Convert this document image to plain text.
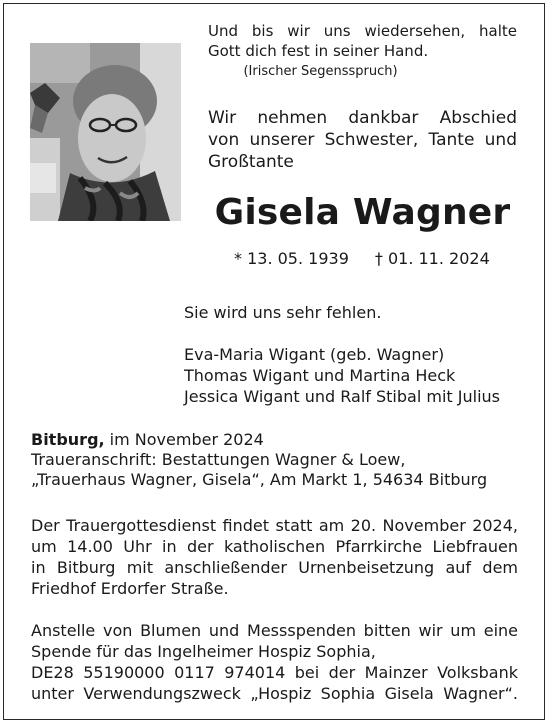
Und bis wir uns wiedersehen, halte
Gott dich fest in seiner Hand.
(Irischer Segensspruch)
Wir nehmen dankbar Abschied
von unserer Schwester, Tante und
Großtante
Gisela Wagner
* 13. 05. 1939 † 01. 11. 2024
Sie wird uns sehr fehlen.
Eva-Maria Wigant (geb. Wagner)
Thomas Wigant und Martina Heck
Jessica Wigant und Ralf Stibal mit Julius
Bitburg, im November 2024
Traueranschrift: Bestattungen Wagner & Loew,
„Trauerhaus Wagner, Gisela“, Am Markt 1, 54634 Bitburg
Der Trauergottesdienst findet statt am 20. November 2024,
um 14.00 Uhr in der katholischen Pfarrkirche Liebfrauen
in Bitburg mit anschließender Urnenbeisetzung auf dem
Friedhof Erdorfer Straße.
Anstelle von Blumen und Messspenden bitten wir um eine
Spende für das Ingelheimer Hospiz Sophia,
DE28 55190000 0117 974014 bei der Mainzer Volksbank
unter Verwendungszweck „Hospiz Sophia Gisela Wagner“.
